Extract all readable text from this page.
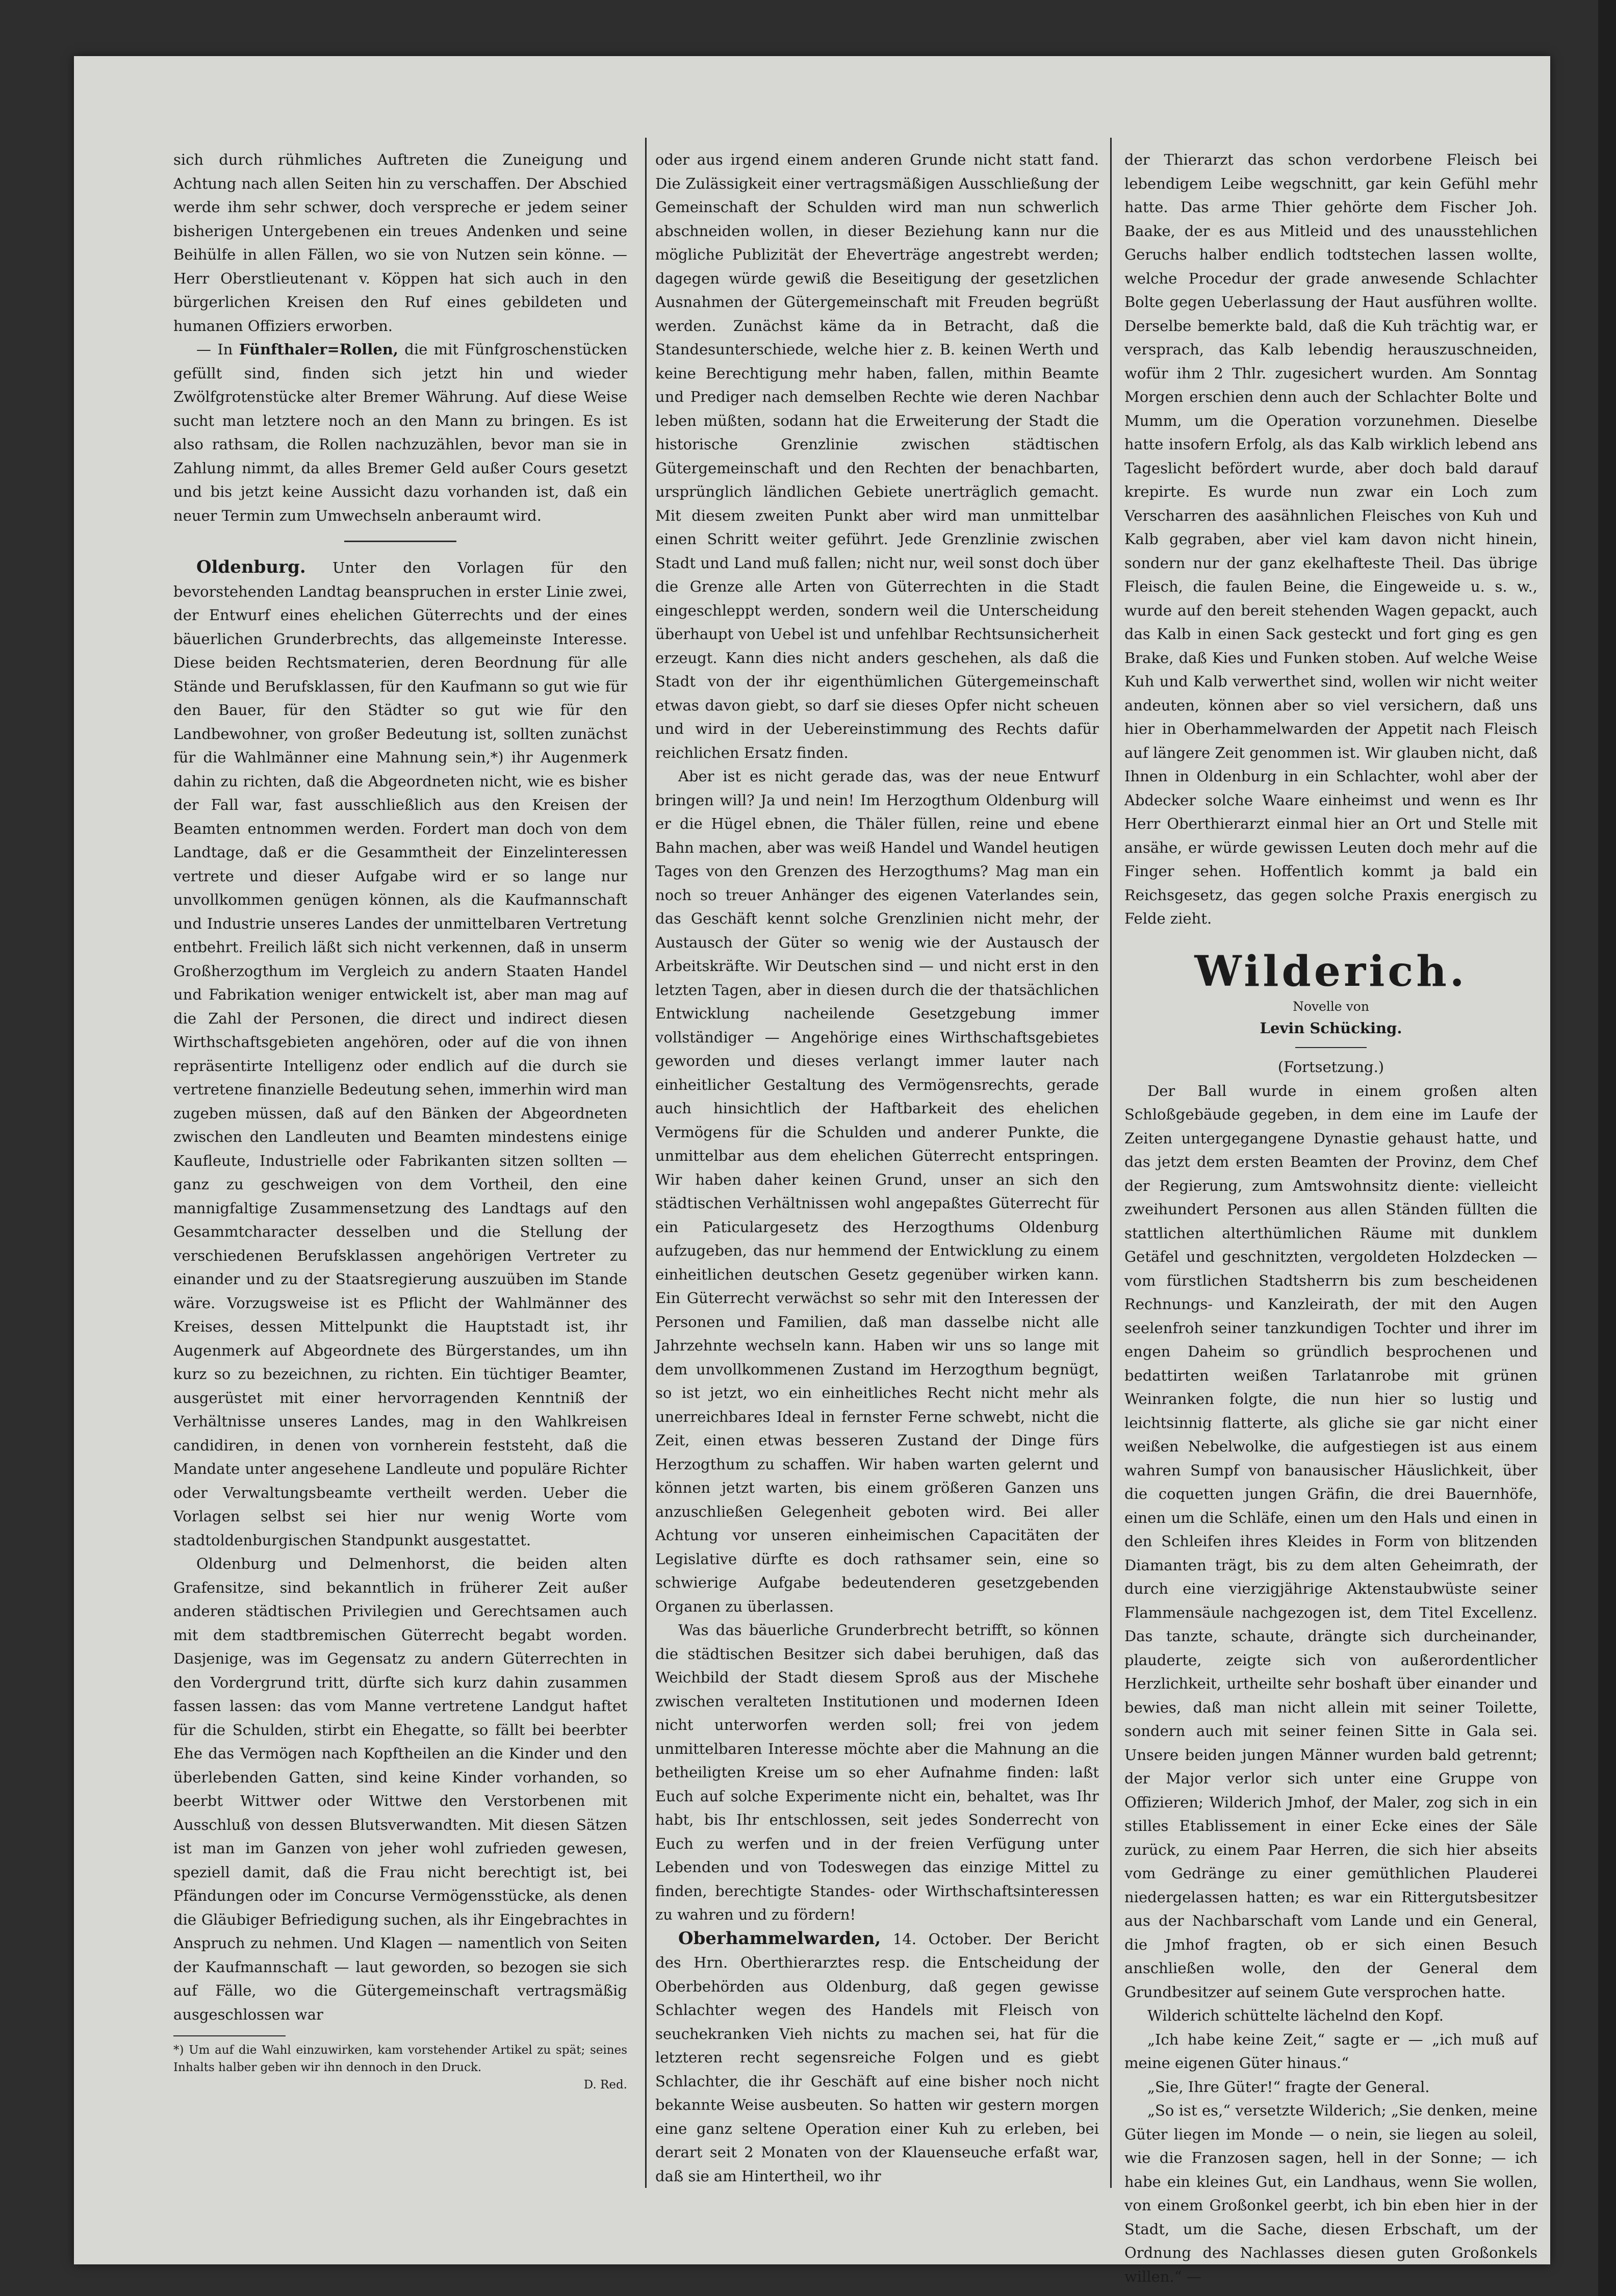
sich durch rühmliches Auftreten die Zuneigung und Achtung nach allen Seiten hin zu verschaffen. Der Abschied werde ihm sehr schwer, doch verspreche er jedem seiner bisherigen Untergebenen ein treues Andenken und seine Beihülfe in allen Fällen, wo sie von Nutzen sein könne. — Herr Oberstlieutenant v. Köppen hat sich auch in den bürgerlichen Kreisen den Ruf eines gebildeten und humanen Offiziers erworben.

— In Fünfthaler=Rollen, die mit Fünfgroschenstücken gefüllt sind, finden sich jetzt hin und wieder Zwölfgrotenstücke alter Bremer Währung. Auf diese Weise sucht man letztere noch an den Mann zu bringen. Es ist also rathsam, die Rollen nachzuzählen, bevor man sie in Zahlung nimmt, da alles Bremer Geld außer Cours gesetzt und bis jetzt keine Aussicht dazu vorhanden ist, daß ein neuer Termin zum Umwechseln anberaumt wird.

Oldenburg. Unter den Vorlagen für den bevorstehenden Landtag beanspruchen in erster Linie zwei, der Entwurf eines ehelichen Güterrechts und der eines bäuerlichen Grunderbrechts, das allgemeinste Interesse. Diese beiden Rechtsmaterien, deren Beordnung für alle Stände und Berufsklassen, für den Kaufmann so gut wie für den Bauer, für den Städter so gut wie für den Landbewohner, von großer Bedeutung ist, sollten zunächst für die Wahlmänner eine Mahnung sein,*) ihr Augenmerk dahin zu richten, daß die Abgeordneten nicht, wie es bisher der Fall war, fast ausschließlich aus den Kreisen der Beamten entnommen werden. Fordert man doch von dem Landtage, daß er die Gesammtheit der Einzelinteressen vertrete und dieser Aufgabe wird er so lange nur unvollkommen genügen können, als die Kaufmannschaft und Industrie unseres Landes der unmittelbaren Vertretung entbehrt. Freilich läßt sich nicht verkennen, daß in unserm Großherzogthum im Vergleich zu andern Staaten Handel und Fabrikation weniger entwickelt ist, aber man mag auf die Zahl der Personen, die direct und indirect diesen Wirthschaftsgebieten angehören, oder auf die von ihnen repräsentirte Intelligenz oder endlich auf die durch sie vertretene finanzielle Bedeutung sehen, immerhin wird man zugeben müssen, daß auf den Bänken der Abgeordneten zwischen den Landleuten und Beamten mindestens einige Kaufleute, Industrielle oder Fabrikanten sitzen sollten — ganz zu geschweigen von dem Vortheil, den eine mannigfaltige Zusammensetzung des Landtags auf den Gesammtcharacter desselben und die Stellung der verschiedenen Berufsklassen angehörigen Vertreter zu einander und zu der Staatsregierung auszuüben im Stande wäre. Vorzugsweise ist es Pflicht der Wahlmänner des Kreises, dessen Mittelpunkt die Hauptstadt ist, ihr Augenmerk auf Abgeordnete des Bürgerstandes, um ihn kurz so zu bezeichnen, zu richten. Ein tüchtiger Beamter, ausgerüstet mit einer hervorragenden Kenntniß der Verhältnisse unseres Landes, mag in den Wahlkreisen candidiren, in denen von vornherein feststeht, daß die Mandate unter angesehene Landleute und populäre Richter oder Verwaltungsbeamte vertheilt werden. Ueber die Vorlagen selbst sei hier nur wenig Worte vom stadtoldenburgischen Standpunkt ausgestattet.

Oldenburg und Delmenhorst, die beiden alten Grafensitze, sind bekanntlich in früherer Zeit außer anderen städtischen Privilegien und Gerechtsamen auch mit dem stadtbremischen Güterrecht begabt worden. Dasjenige, was im Gegensatz zu andern Güterrechten in den Vordergrund tritt, dürfte sich kurz dahin zusammen fassen lassen: das vom Manne vertretene Landgut haftet für die Schulden, stirbt ein Ehegatte, so fällt bei beerbter Ehe das Vermögen nach Kopftheilen an die Kinder und den überlebenden Gatten, sind keine Kinder vorhanden, so beerbt Wittwer oder Wittwe den Verstorbenen mit Ausschluß von dessen Blutsverwandten. Mit diesen Sätzen ist man im Ganzen von jeher wohl zufrieden gewesen, speziell damit, daß die Frau nicht berechtigt ist, bei Pfändungen oder im Concurse Vermögensstücke, als denen die Gläubiger Befriedigung suchen, als ihr Eingebrachtes in Anspruch zu nehmen. Und Klagen — namentlich von Seiten der Kaufmannschaft — laut geworden, so bezogen sie sich auf Fälle, wo die Gütergemeinschaft vertragsmäßig ausgeschlossen war

*) Um auf die Wahl einzuwirken, kam vorstehender Artikel zu spät; seines Inhalts halber geben wir ihn dennoch in den Druck.

D. Red.

oder aus irgend einem anderen Grunde nicht statt fand. Die Zulässigkeit einer vertragsmäßigen Ausschließung der Gemeinschaft der Schulden wird man nun schwerlich abschneiden wollen, in dieser Beziehung kann nur die mögliche Publizität der Eheverträge angestrebt werden; dagegen würde gewiß die Beseitigung der gesetzlichen Ausnahmen der Gütergemeinschaft mit Freuden begrüßt werden. Zunächst käme da in Betracht, daß die Standesunterschiede, welche hier z. B. keinen Werth und keine Berechtigung mehr haben, fallen, mithin Beamte und Prediger nach demselben Rechte wie deren Nachbar leben müßten, sodann hat die Erweiterung der Stadt die historische Grenzlinie zwischen städtischen Gütergemeinschaft und den Rechten der benachbarten, ursprünglich ländlichen Gebiete unerträglich gemacht. Mit diesem zweiten Punkt aber wird man unmittelbar einen Schritt weiter geführt. Jede Grenzlinie zwischen Stadt und Land muß fallen; nicht nur, weil sonst doch über die Grenze alle Arten von Güterrechten in die Stadt eingeschleppt werden, sondern weil die Unterscheidung überhaupt von Uebel ist und unfehlbar Rechtsunsicherheit erzeugt. Kann dies nicht anders geschehen, als daß die Stadt von der ihr eigenthümlichen Gütergemeinschaft etwas davon giebt, so darf sie dieses Opfer nicht scheuen und wird in der Uebereinstimmung des Rechts dafür reichlichen Ersatz finden.

Aber ist es nicht gerade das, was der neue Entwurf bringen will? Ja und nein! Im Herzogthum Oldenburg will er die Hügel ebnen, die Thäler füllen, reine und ebene Bahn machen, aber was weiß Handel und Wandel heutigen Tages von den Grenzen des Herzogthums? Mag man ein noch so treuer Anhänger des eigenen Vaterlandes sein, das Geschäft kennt solche Grenzlinien nicht mehr, der Austausch der Güter so wenig wie der Austausch der Arbeitskräfte. Wir Deutschen sind — und nicht erst in den letzten Tagen, aber in diesen durch die der thatsächlichen Entwicklung nacheilende Gesetzgebung immer vollständiger — Angehörige eines Wirthschaftsgebietes geworden und dieses verlangt immer lauter nach einheitlicher Gestaltung des Vermögensrechts, gerade auch hinsichtlich der Haftbarkeit des ehelichen Vermögens für die Schulden und anderer Punkte, die unmittelbar aus dem ehelichen Güterrecht entspringen. Wir haben daher keinen Grund, unser an sich den städtischen Verhältnissen wohl angepaßtes Güterrecht für ein Paticulargesetz des Herzogthums Oldenburg aufzugeben, das nur hemmend der Entwicklung zu einem einheitlichen deutschen Gesetz gegenüber wirken kann. Ein Güterrecht verwächst so sehr mit den Interessen der Personen und Familien, daß man dasselbe nicht alle Jahrzehnte wechseln kann. Haben wir uns so lange mit dem unvollkommenen Zustand im Herzogthum begnügt, so ist jetzt, wo ein einheitliches Recht nicht mehr als unerreichbares Ideal in fernster Ferne schwebt, nicht die Zeit, einen etwas besseren Zustand der Dinge fürs Herzogthum zu schaffen. Wir haben warten gelernt und können jetzt warten, bis einem größeren Ganzen uns anzuschließen Gelegenheit geboten wird. Bei aller Achtung vor unseren einheimischen Capacitäten der Legislative dürfte es doch rathsamer sein, eine so schwierige Aufgabe bedeutenderen gesetzgebenden Organen zu überlassen.

Was das bäuerliche Grunderbrecht betrifft, so können die städtischen Besitzer sich dabei beruhigen, daß das Weichbild der Stadt diesem Sproß aus der Mischehe zwischen veralteten Institutionen und modernen Ideen nicht unterworfen werden soll; frei von jedem unmittelbaren Interesse möchte aber die Mahnung an die betheiligten Kreise um so eher Aufnahme finden: laßt Euch auf solche Experimente nicht ein, behaltet, was Ihr habt, bis Ihr entschlossen, seit jedes Sonderrecht von Euch zu werfen und in der freien Verfügung unter Lebenden und von Todeswegen das einzige Mittel zu finden, berechtigte Standes- oder Wirthschaftsinteressen zu wahren und zu fördern!

Oberhammelwarden, 14. October. Der Bericht des Hrn. Oberthierarztes resp. die Entscheidung der Oberbehörden aus Oldenburg, daß gegen gewisse Schlachter wegen des Handels mit Fleisch von seuchekranken Vieh nichts zu machen sei, hat für die letzteren recht segensreiche Folgen und es giebt Schlachter, die ihr Geschäft auf eine bisher noch nicht bekannte Weise ausbeuten. So hatten wir gestern morgen eine ganz seltene Operation einer Kuh zu erleben, bei derart seit 2 Monaten von der Klauenseuche erfaßt war, daß sie am Hintertheil, wo ihr

der Thierarzt das schon verdorbene Fleisch bei lebendigem Leibe wegschnitt, gar kein Gefühl mehr hatte. Das arme Thier gehörte dem Fischer Joh. Baake, der es aus Mitleid und des unausstehlichen Geruchs halber endlich todtstechen lassen wollte, welche Procedur der grade anwesende Schlachter Bolte gegen Ueberlassung der Haut ausführen wollte. Derselbe bemerkte bald, daß die Kuh trächtig war, er versprach, das Kalb lebendig herauszuschneiden, wofür ihm 2 Thlr. zugesichert wurden. Am Sonntag Morgen erschien denn auch der Schlachter Bolte und Mumm, um die Operation vorzunehmen. Dieselbe hatte insofern Erfolg, als das Kalb wirklich lebend ans Tageslicht befördert wurde, aber doch bald darauf krepirte. Es wurde nun zwar ein Loch zum Verscharren des aasähnlichen Fleisches von Kuh und Kalb gegraben, aber viel kam davon nicht hinein, sondern nur der ganz ekelhafteste Theil. Das übrige Fleisch, die faulen Beine, die Eingeweide u. s. w., wurde auf den bereit stehenden Wagen gepackt, auch das Kalb in einen Sack gesteckt und fort ging es gen Brake, daß Kies und Funken stoben. Auf welche Weise Kuh und Kalb verwerthet sind, wollen wir nicht weiter andeuten, können aber so viel versichern, daß uns hier in Oberhammelwarden der Appetit nach Fleisch auf längere Zeit genommen ist. Wir glauben nicht, daß Ihnen in Oldenburg in ein Schlachter, wohl aber der Abdecker solche Waare einheimst und wenn es Ihr Herr Oberthierarzt einmal hier an Ort und Stelle mit ansähe, er würde gewissen Leuten doch mehr auf die Finger sehen. Hoffentlich kommt ja bald ein Reichsgesetz, das gegen solche Praxis energisch zu Felde zieht.

Wilderich.
Novelle von
Levin Schücking.
(Fortsetzung.)

Der Ball wurde in einem großen alten Schloßgebäude gegeben, in dem eine im Laufe der Zeiten untergegangene Dynastie gehaust hatte, und das jetzt dem ersten Beamten der Provinz, dem Chef der Regierung, zum Amtswohnsitz diente: vielleicht zweihundert Personen aus allen Ständen füllten die stattlichen alterthümlichen Räume mit dunklem Getäfel und geschnitzten, vergoldeten Holzdecken — vom fürstlichen Stadtsherrn bis zum bescheidenen Rechnungs- und Kanzleirath, der mit den Augen seelenfroh seiner tanzkundigen Tochter und ihrer im engen Daheim so gründlich besprochenen und bedattirten weißen Tarlatanrobe mit grünen Weinranken folgte, die nun hier so lustig und leichtsinnig flatterte, als gliche sie gar nicht einer weißen Nebelwolke, die aufgestiegen ist aus einem wahren Sumpf von banausischer Häuslichkeit, über die coquetten jungen Gräfin, die drei Bauernhöfe, einen um die Schläfe, einen um den Hals und einen in den Schleifen ihres Kleides in Form von blitzenden Diamanten trägt, bis zu dem alten Geheimrath, der durch eine vierzigjährige Aktenstaubwüste seiner Flammensäule nachgezogen ist, dem Titel Excellenz. Das tanzte, schaute, drängte sich durcheinander, plauderte, zeigte sich von außerordentlicher Herzlichkeit, urtheilte sehr boshaft über einander und bewies, daß man nicht allein mit seiner Toilette, sondern auch mit seiner feinen Sitte in Gala sei. Unsere beiden jungen Männer wurden bald getrennt; der Major verlor sich unter eine Gruppe von Offizieren; Wilderich Jmhof, der Maler, zog sich in ein stilles Etablissement in einer Ecke eines der Säle zurück, zu einem Paar Herren, die sich hier abseits vom Gedränge zu einer gemüthlichen Plauderei niedergelassen hatten; es war ein Rittergutsbesitzer aus der Nachbarschaft vom Lande und ein General, die Jmhof fragten, ob er sich einen Besuch anschließen wolle, den der General dem Grundbesitzer auf seinem Gute versprochen hatte.

Wilderich schüttelte lächelnd den Kopf.

„Ich habe keine Zeit,“ sagte er — „ich muß auf meine eigenen Güter hinaus.“

„Sie, Ihre Güter!“ fragte der General.

„So ist es,“ versetzte Wilderich; „Sie denken, meine Güter liegen im Monde — o nein, sie liegen au soleil, wie die Franzosen sagen, hell in der Sonne; — ich habe ein kleines Gut, ein Landhaus, wenn Sie wollen, von einem Großonkel geerbt, ich bin eben hier in der Stadt, um die Sache, diesen Erbschaft, um der Ordnung des Nachlasses diesen guten Großonkels willen.“ —
